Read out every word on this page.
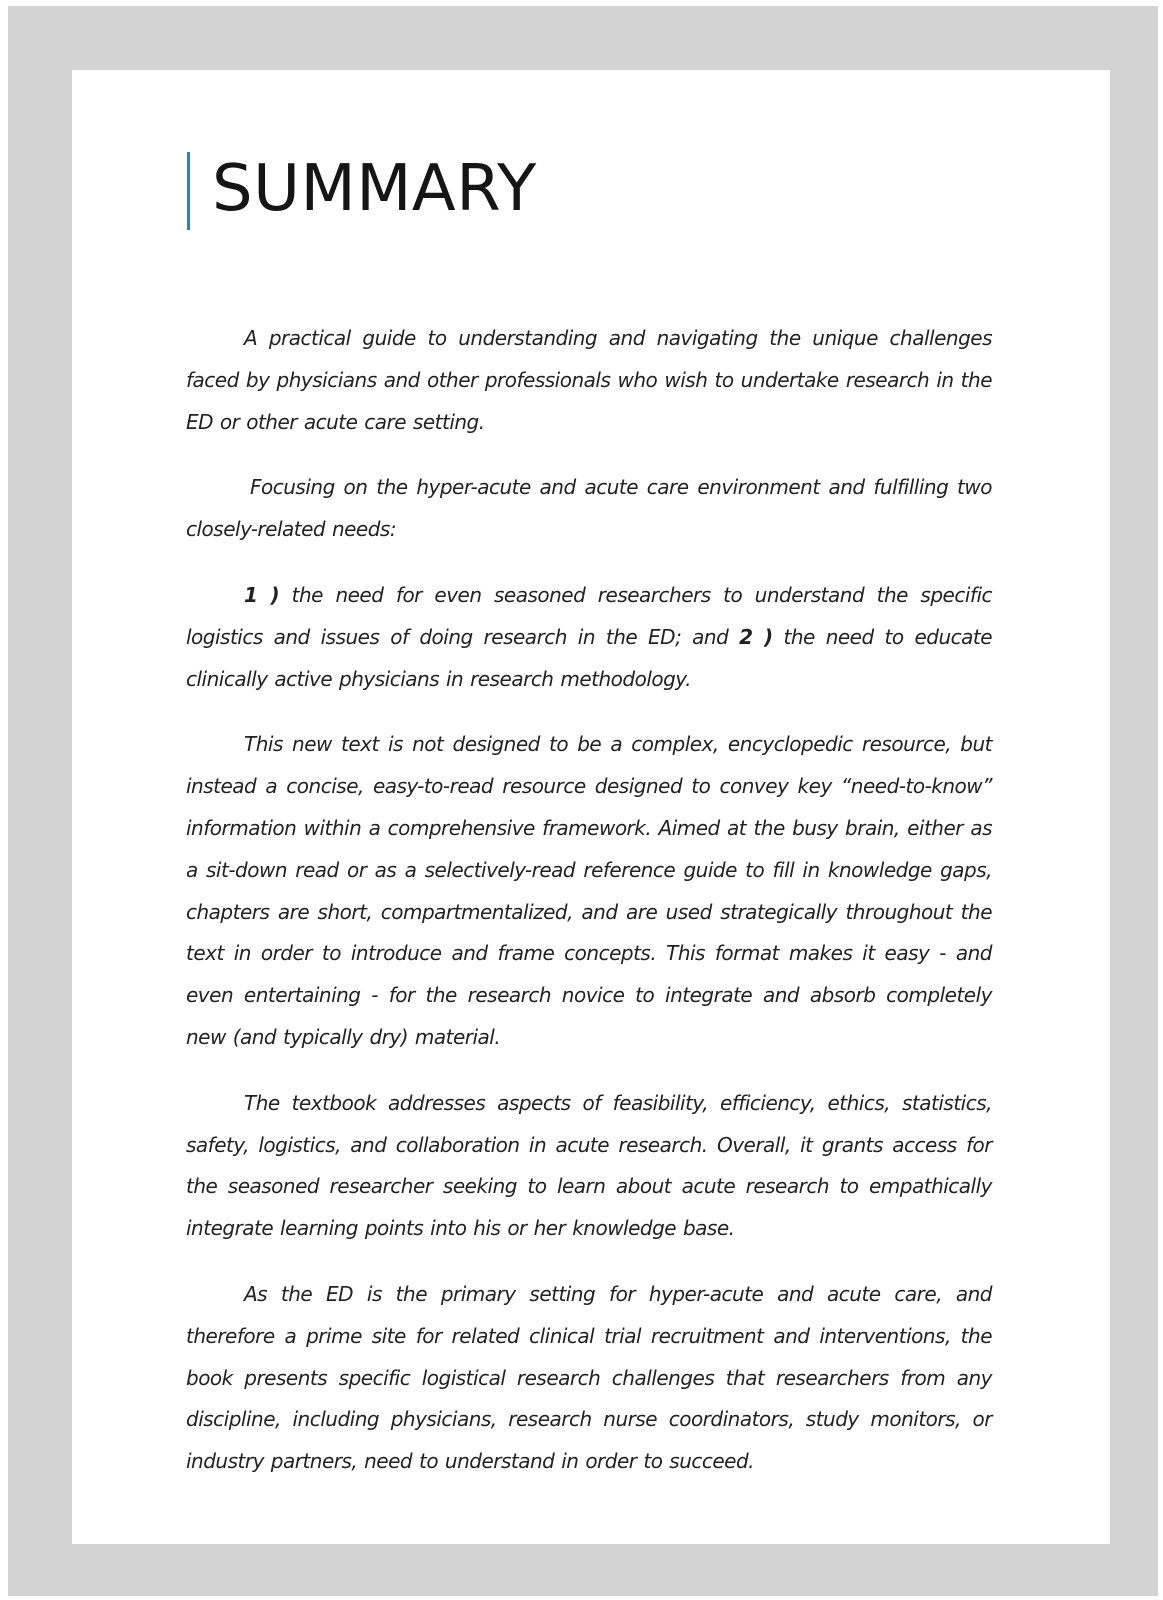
SUMMARY

A practical guide to understanding and navigating the unique challenges faced by physicians and other professionals who wish to undertake research in the ED or other acute care setting.

Focusing on the hyper-acute and acute care environment and fulfilling two closely-related needs:

1 ) the need for even seasoned researchers to understand the specific logistics and issues of doing research in the ED; and 2 ) the need to educate clinically active physicians in research methodology.

This new text is not designed to be a complex, encyclopedic resource, but instead a concise, easy-to-read resource designed to convey key “need-to-know” information within a comprehensive framework. Aimed at the busy brain, either as a sit-down read or as a selectively-read reference guide to fill in knowledge gaps, chapters are short, compartmentalized, and are used strategically throughout the text in order to introduce and frame concepts. This format makes it easy - and even entertaining - for the research novice to integrate and absorb completely new (and typically dry) material.

The textbook addresses aspects of feasibility, efficiency, ethics, statistics, safety, logistics, and collaboration in acute research. Overall, it grants access for the seasoned researcher seeking to learn about acute research to empathically integrate learning points into his or her knowledge base.

As the ED is the primary setting for hyper-acute and acute care, and therefore a prime site for related clinical trial recruitment and interventions, the book presents specific logistical research challenges that researchers from any discipline, including physicians, research nurse coordinators, study monitors, or industry partners, need to understand in order to succeed.
